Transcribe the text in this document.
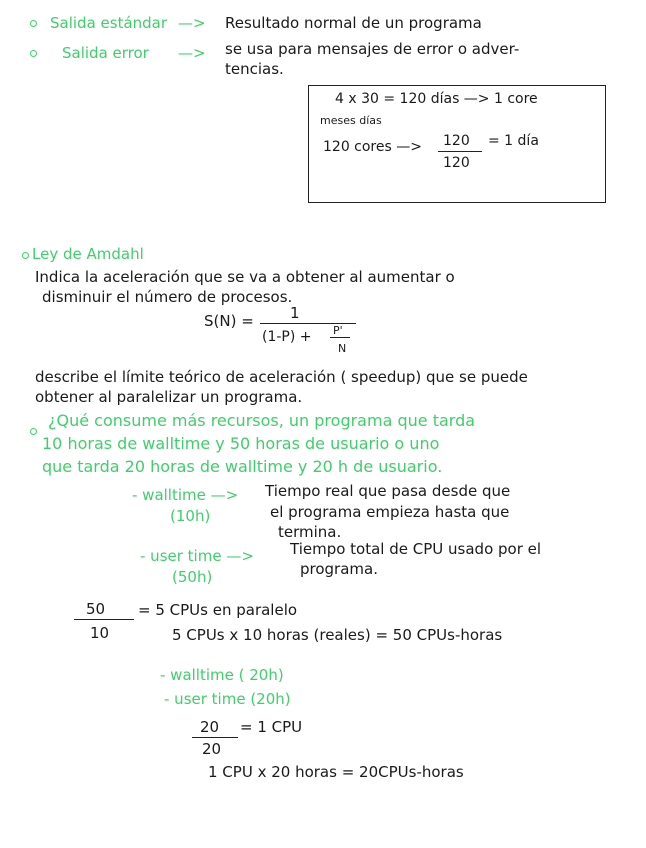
Salida estándar —> Resultado normal de un programa
Salida error —> se usa para mensajes de error o adver-
tencias.
4 x 30 = 120 días —> 1 core
meses días
120 cores —> 120
120
= 1 día
Ley de Amdahl
Indica la aceleración que se va a obtener al aumentar o
disminuir el número de procesos.
S(N) = 1
(1-P) + P'
N
describe el límite teórico de aceleración ( speedup) que se puede
obtener al paralelizar un programa.
¿Qué consume más recursos, un programa que tarda
10 horas de walltime y 50 horas de usuario o uno
que tarda 20 horas de walltime y 20 h de usuario.
- walltime —>
(10h)
Tiempo real que pasa desde que
el programa empieza hasta que
termina.
- user time —>
(50h)
Tiempo total de CPU usado por el
programa.
50
10
= 5 CPUs en paralelo
5 CPUs x 10 horas (reales) = 50 CPUs-horas
- walltime ( 20h)
- user time (20h)
20
20
= 1 CPU
1 CPU x 20 horas = 20CPUs-horas
